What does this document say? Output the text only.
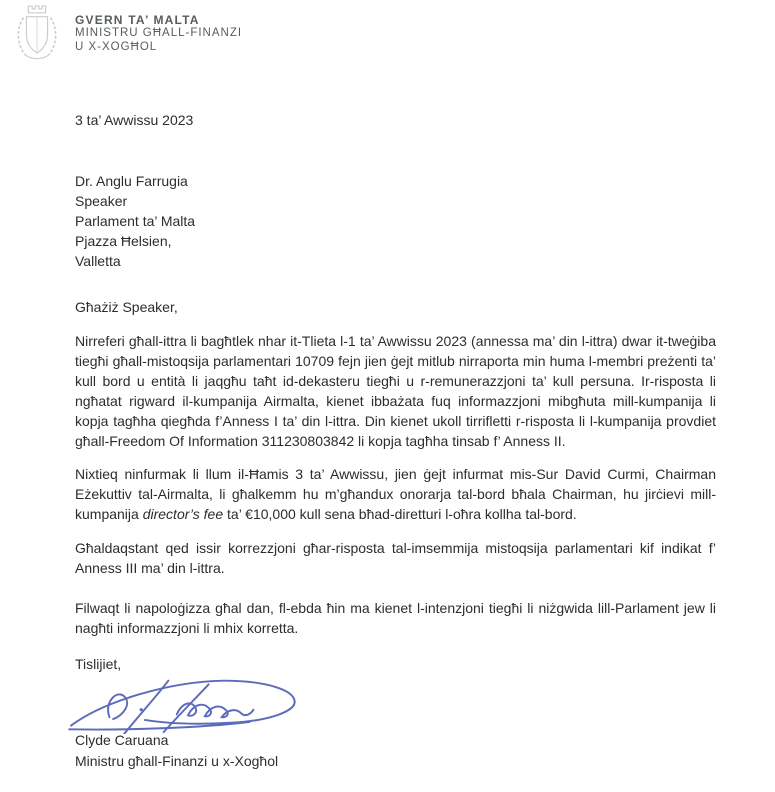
GVERN TA’ MALTA
MINISTRU GĦALL-FINANZI
U X-XOGĦOL
3 ta’ Awwissu 2023
Dr. Anglu Farrugia
Speaker
Parlament ta’ Malta
Pjazza Ħelsien,
Valletta
Għażiż Speaker,

Nirreferi għall-ittra li bagħtlek nhar it-Tlieta l-1 ta’ Awwissu 2023 (annessa ma’ din l-ittra) dwar it-tweġiba tiegħi għall-mistoqsija parlamentari 10709 fejn jien ġejt mitlub nirraporta min huma l-membri preżenti ta’ kull bord u entità li jaqgħu taħt id-dekasteru tiegħi u r-remunerazzjoni ta’ kull persuna. Ir-risposta li ngħatat rigward il-kumpanija Airmalta, kienet ibbażata fuq informazzjoni mibgħuta mill-kumpanija li kopja tagħha qiegħda f’Anness I ta’ din l-ittra. Din kienet ukoll tirrifletti r-risposta li l-kumpanija provdiet għall-Freedom Of Information 311230803842 li kopja tagħha tinsab f’ Anness II.

Nixtieq ninfurmak li llum il-Ħamis 3 ta’ Awwissu, jien ġejt infurmat mis-Sur David Curmi, Chairman Eżekuttiv tal-Airmalta, li għalkemm hu m’għandux onorarja tal-bord bħala Chairman, hu jirċievi mill-kumpanija director’s fee ta’ €10,000 kull sena bħad-diretturi l-oħra kollha tal-bord.

Għaldaqstant qed issir korrezzjoni għar-risposta tal-imsemmija mistoqsija parlamentari kif indikat f’ Anness III ma’ din l-ittra.

Filwaqt li napoloġizza għal dan, fl-ebda ħin ma kienet l-intenzjoni tiegħi li niżgwida lill-Parlament jew li nagħti informazzjoni li mhix korretta.

Tislijiet,
Clyde Caruana
Ministru għall-Finanzi u x-Xogħol
